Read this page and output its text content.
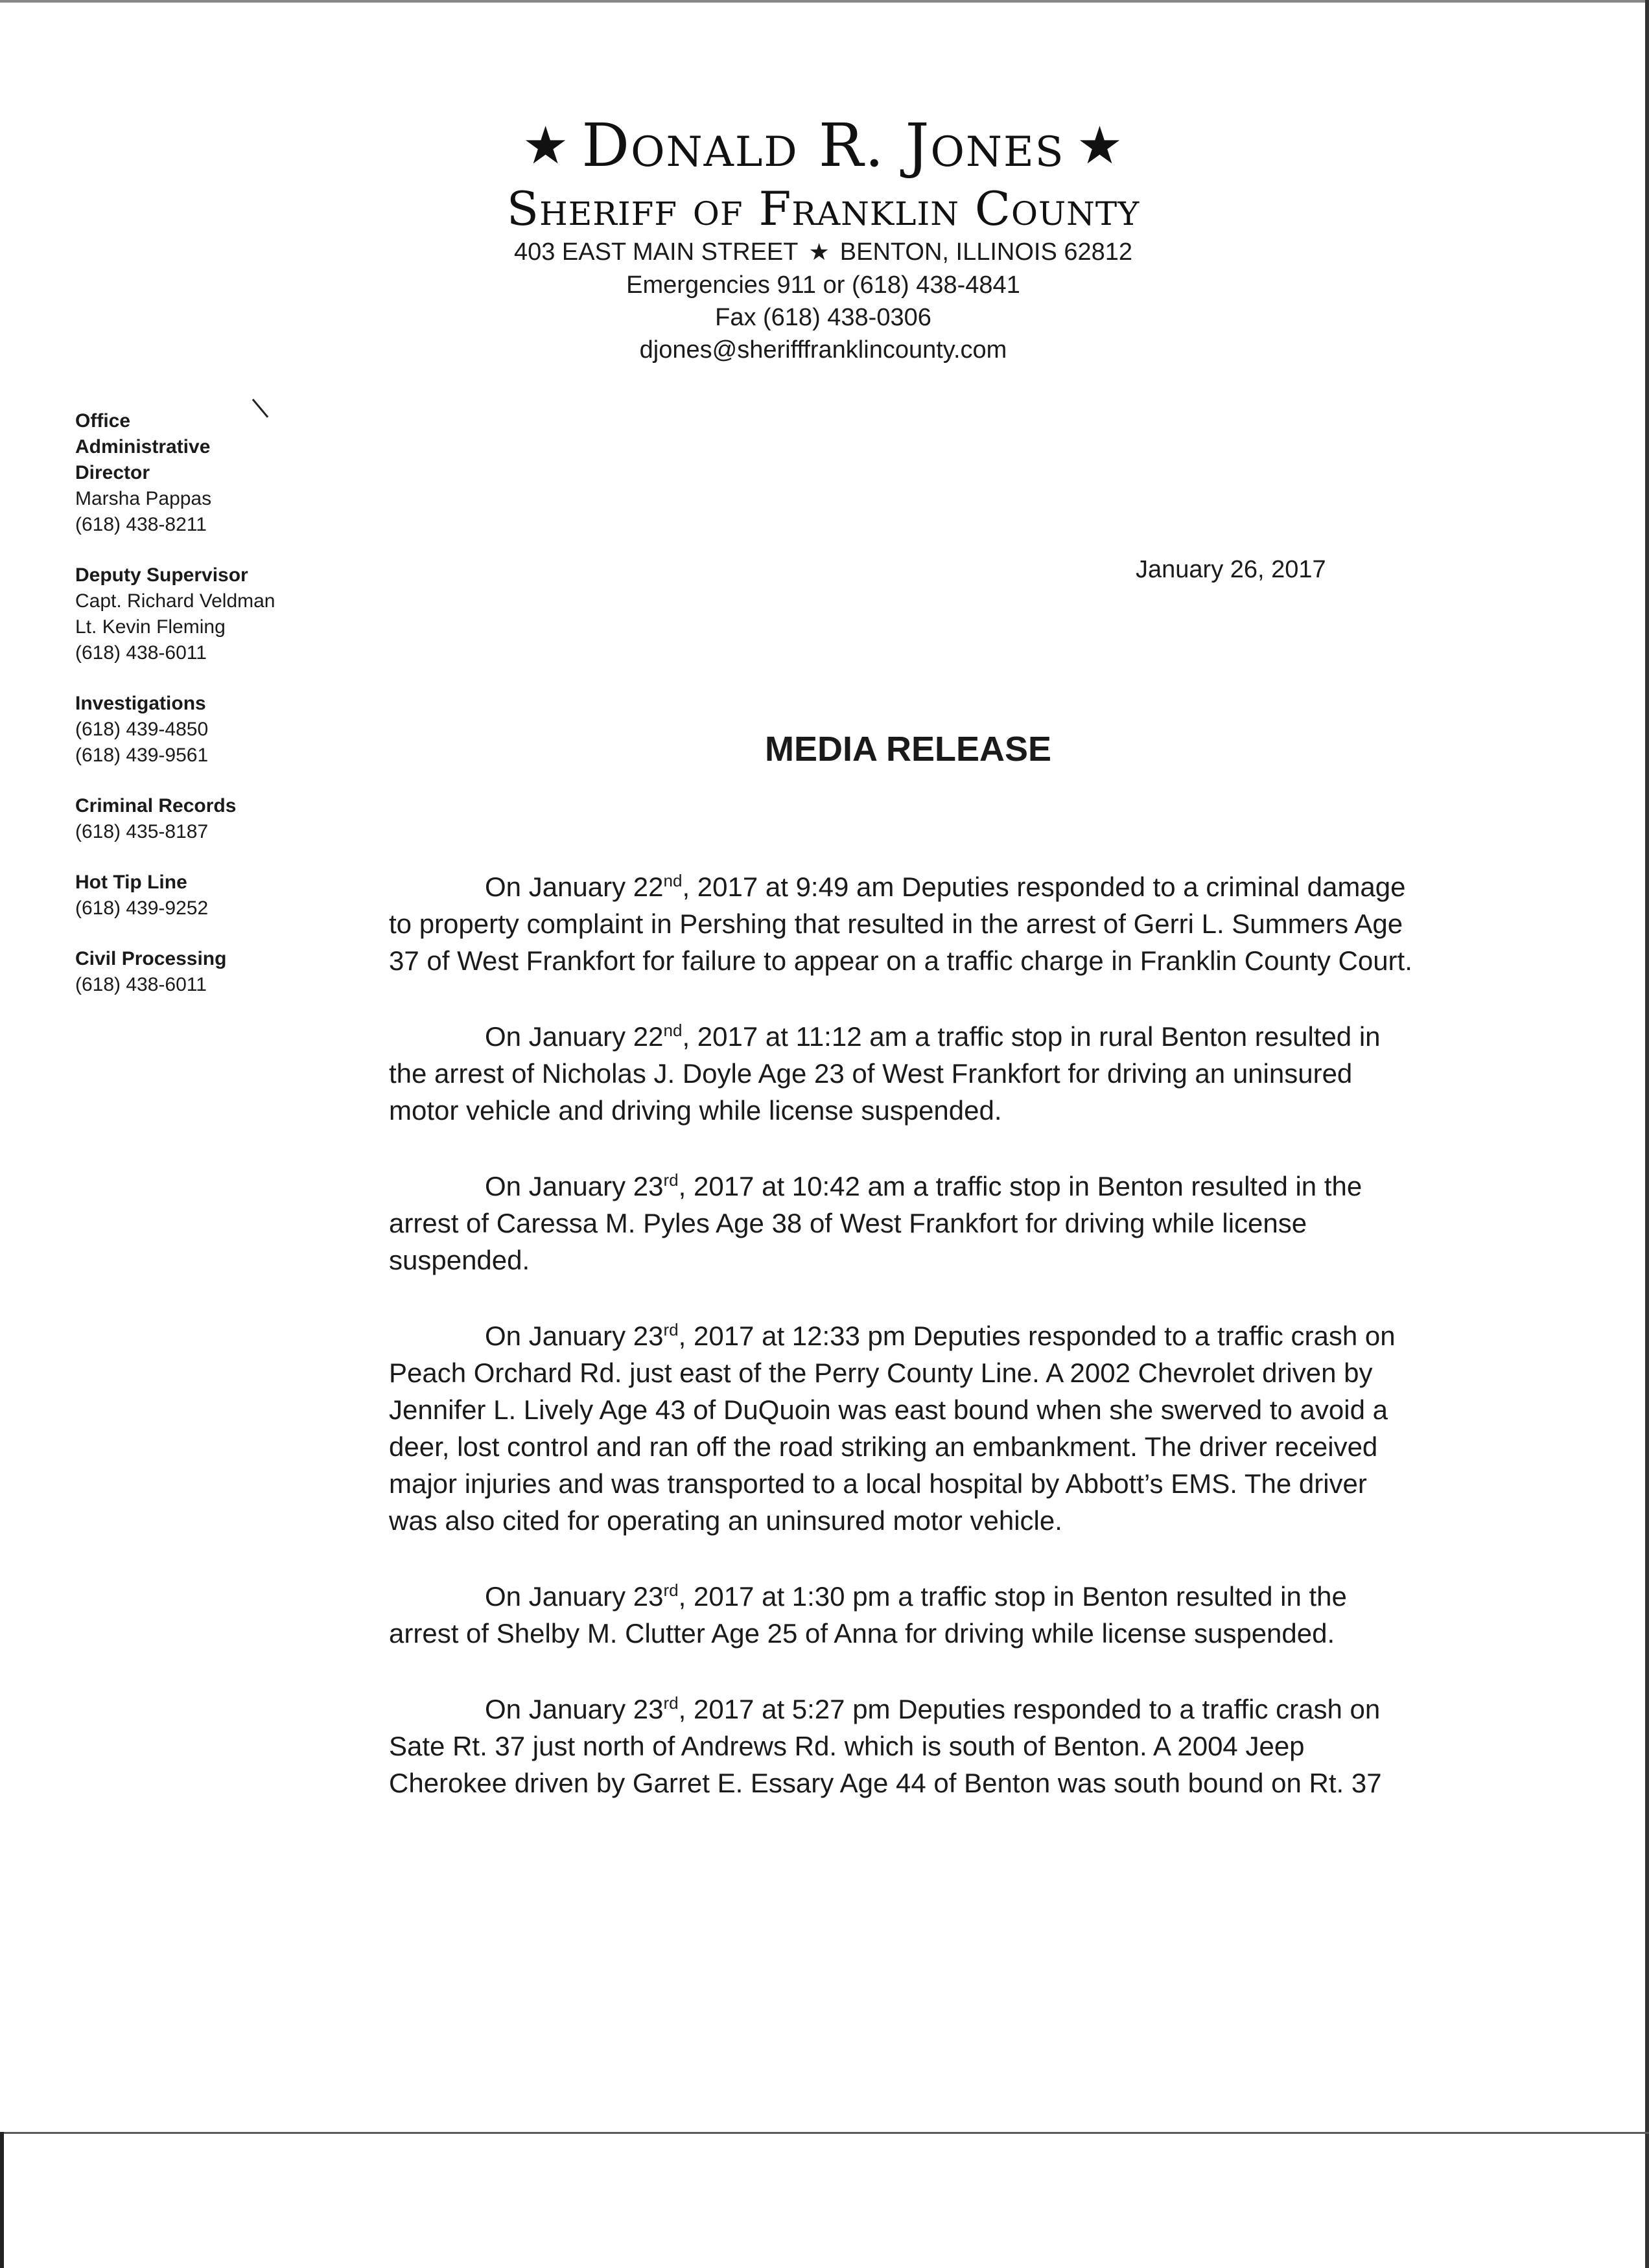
★ Donald R. Jones ★
Sheriff of Franklin County
403 EAST MAIN STREET ★ BENTON, ILLINOIS 62812
Emergencies 911 or (618) 438-4841
Fax (618) 438-0306
djones@sherifffranklincounty.com
Office
Administrative
Director
Marsha Pappas
(618) 438-8211
Deputy Supervisor
Capt. Richard Veldman
Lt. Kevin Fleming
(618) 438-6011
Investigations
(618) 439-4850
(618) 439-9561
Criminal Records
(618) 435-8187
Hot Tip Line
(618) 439-9252
Civil Processing
(618) 438-6011
January 26, 2017
MEDIA RELEASE

On January 22nd, 2017 at 9:49 am Deputies responded to a criminal damage to property complaint in Pershing that resulted in the arrest of Gerri L. Summers Age 37 of West Frankfort for failure to appear on a traffic charge in Franklin County Court.

On January 22nd, 2017 at 11:12 am a traffic stop in rural Benton resulted in the arrest of Nicholas J. Doyle Age 23 of West Frankfort for driving an uninsured motor vehicle and driving while license suspended.

On January 23rd, 2017 at 10:42 am a traffic stop in Benton resulted in the arrest of Caressa M. Pyles Age 38 of West Frankfort for driving while license suspended.

On January 23rd, 2017 at 12:33 pm Deputies responded to a traffic crash on Peach Orchard Rd. just east of the Perry County Line. A 2002 Chevrolet driven by Jennifer L. Lively Age 43 of DuQuoin was east bound when she swerved to avoid a deer, lost control and ran off the road striking an embankment. The driver received major injuries and was transported to a local hospital by Abbott’s EMS. The driver was also cited for operating an uninsured motor vehicle.

On January 23rd, 2017 at 1:30 pm a traffic stop in Benton resulted in the arrest of Shelby M. Clutter Age 25 of Anna for driving while license suspended.

On January 23rd, 2017 at 5:27 pm Deputies responded to a traffic crash on Sate Rt. 37 just north of Andrews Rd. which is south of Benton. A 2004 Jeep Cherokee driven by Garret E. Essary Age 44 of Benton was south bound on Rt. 37
